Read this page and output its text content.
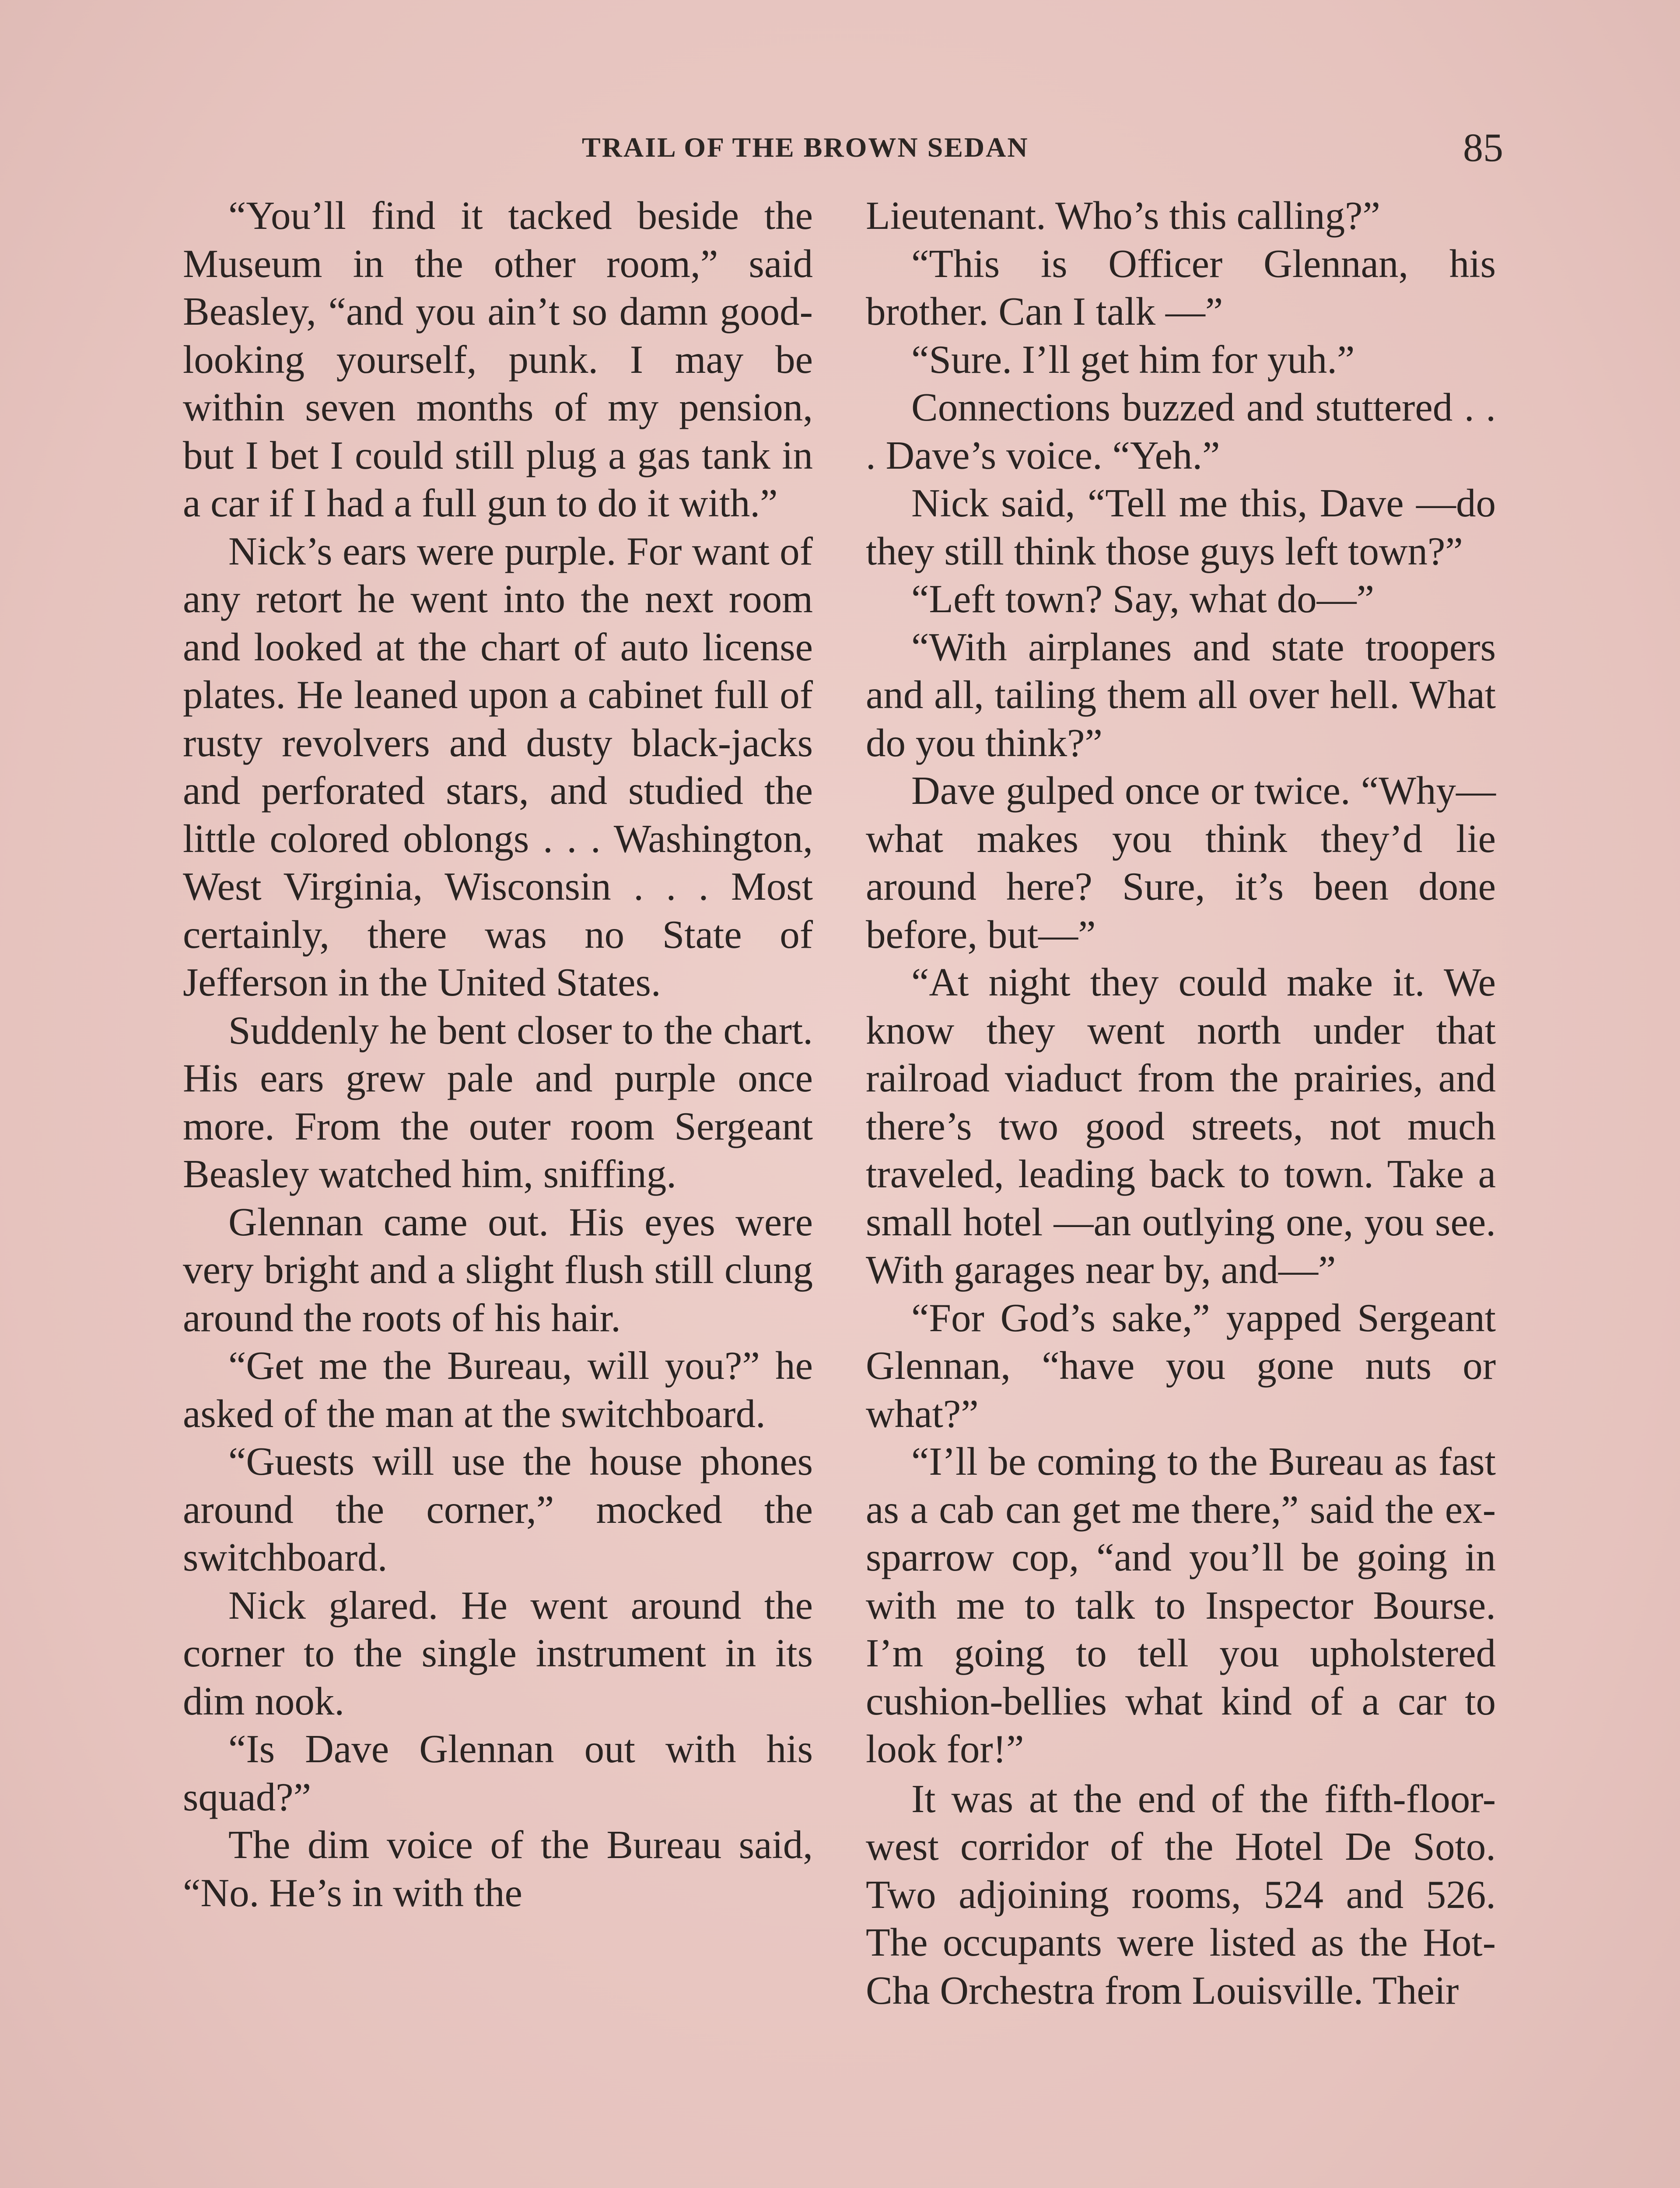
TRAIL OF THE BROWN SEDAN	85

“You’ll find it tacked beside the Museum in the other room,” said Beasley, “and you ain’t so damn good-looking yourself, punk. I may be within seven months of my pension, but I bet I could still plug a gas tank in a car if I had a full gun to do it with.”

Nick’s ears were purple. For want of any retort he went into the next room and looked at the chart of auto license plates. He leaned upon a cabinet full of rusty revolvers and dusty black-jacks and perforated stars, and studied the little colored oblongs . . . Washington, West Virginia, Wisconsin . . . Most certainly, there was no State of Jefferson in the United States.

Suddenly he bent closer to the chart. His ears grew pale and purple once more. From the outer room Sergeant Beasley watched him, sniffing.

Glennan came out. His eyes were very bright and a slight flush still clung around the roots of his hair.

“Get me the Bureau, will you?” he asked of the man at the switchboard.

“Guests will use the house phones around the corner,” mocked the switchboard.

Nick glared. He went around the corner to the single instrument in its dim nook.

“Is Dave Glennan out with his squad?”

The dim voice of the Bureau said, “No. He’s in with the

Lieutenant. Who’s this calling?”

“This is Officer Glennan, his brother. Can I talk —”

“Sure. I’ll get him for yuh.”

Connections buzzed and stuttered . . . Dave’s voice. “Yeh.”

Nick said, “Tell me this, Dave —do they still think those guys left town?”

“Left town? Say, what do—”

“With airplanes and state troopers and all, tailing them all over hell. What do you think?”

Dave gulped once or twice. “Why—what makes you think they’d lie around here? Sure, it’s been done before, but—”

“At night they could make it. We know they went north under that railroad viaduct from the prairies, and there’s two good streets, not much traveled, leading back to town. Take a small hotel —an outlying one, you see. With garages near by, and—”

“For God’s sake,” yapped Sergeant Glennan, “have you gone nuts or what?”

“I’ll be coming to the Bureau as fast as a cab can get me there,” said the ex-sparrow cop, “and you’ll be going in with me to talk to Inspector Bourse. I’m going to tell you upholstered cushion-bellies what kind of a car to look for!”

It was at the end of the fifth-floor-west corridor of the Hotel De Soto. Two adjoining rooms, 524 and 526. The occupants were listed as the Hot-Cha Orchestra from Louisville. Their
